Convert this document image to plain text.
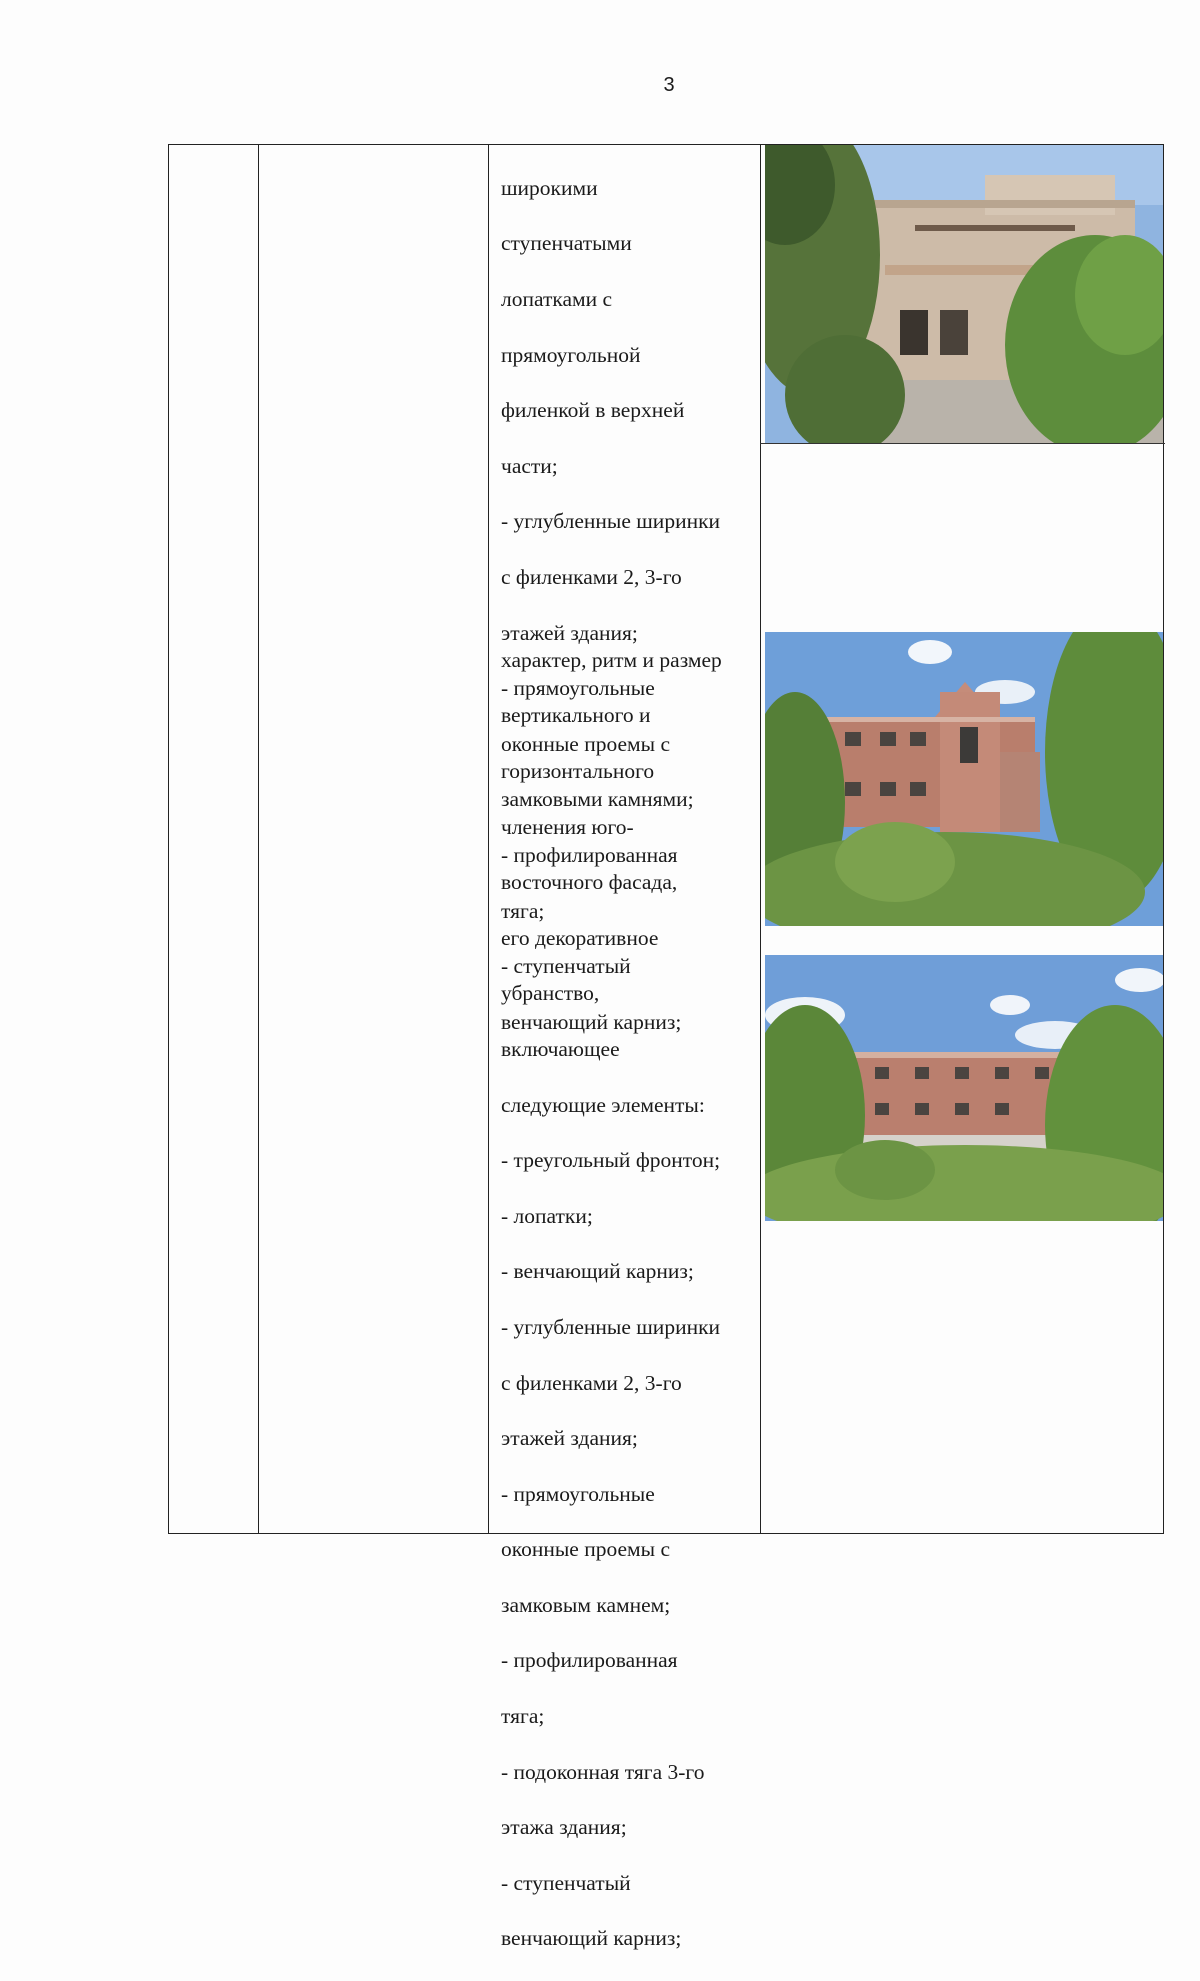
3

широкими

ступенчатыми

лопатками с

прямоугольной

филенкой в верхней

части;

- углубленные ширинки

с филенками 2, 3-го

этажей здания;

- прямоугольные

оконные проемы с

замковыми камнями;

- профилированная

тяга;

- ступенчатый

венчающий карниз;

характер, ритм и размер

вертикального и

горизонтального

членения юго-

восточного фасада,

его декоративное

убранство,

включающее

следующие элементы:

- треугольный фронтон;

- лопатки;

- венчающий карниз;

- углубленные ширинки

с филенками 2, 3-го

этажей здания;

- прямоугольные

оконные проемы с

замковым камнем;

- профилированная

тяга;

- подоконная тяга 3-го

этажа здания;

- ступенчатый

венчающий карниз;
